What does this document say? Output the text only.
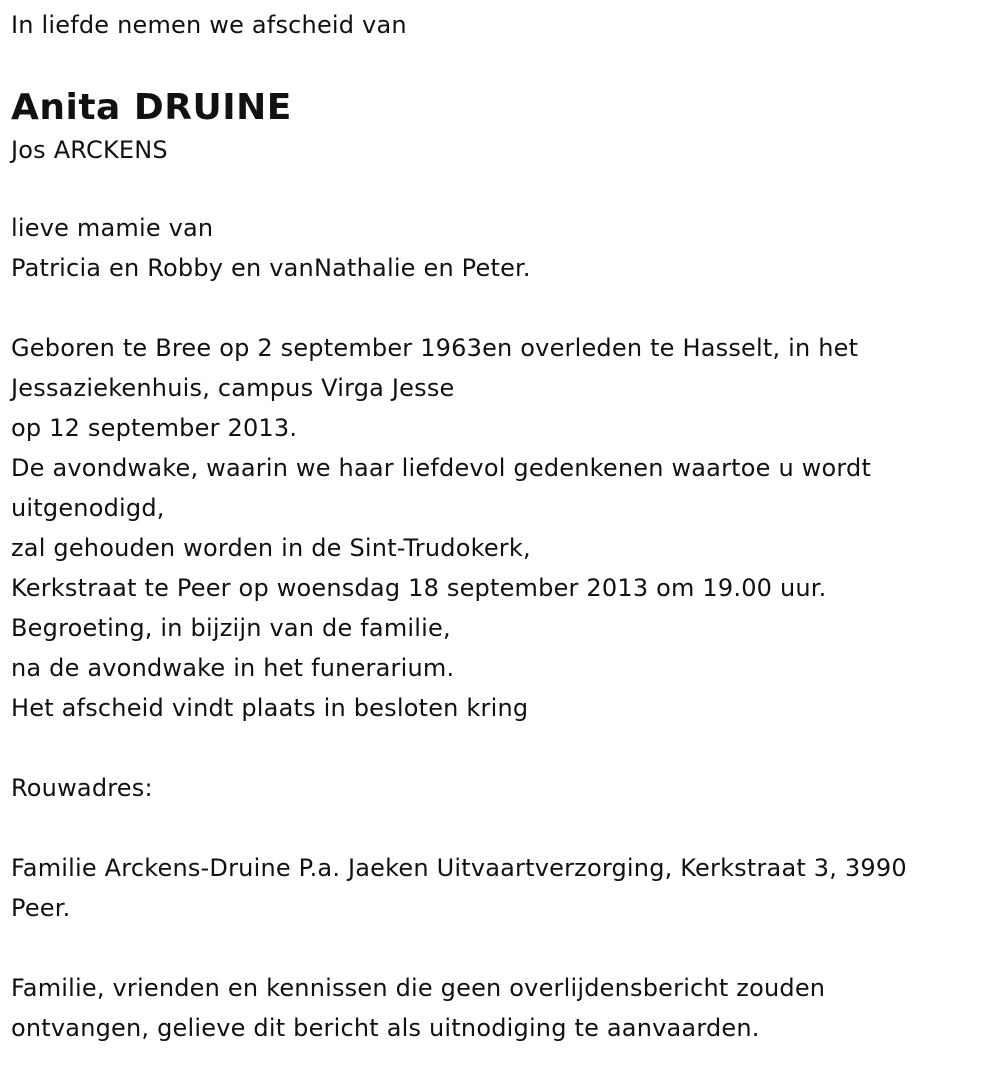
In liefde nemen we afscheid van
Anita DRUINE
Jos ARCKENS
lieve mamie van
Patricia en Robby en vanNathalie en Peter.
Geboren te Bree op 2 september 1963en overleden te Hasselt, in het
Jessaziekenhuis, campus Virga Jesse
op 12 september 2013.
De avondwake, waarin we haar liefdevol gedenkenen waartoe u wordt
uitgenodigd,
zal gehouden worden in de Sint-Trudokerk,
Kerkstraat te Peer op woensdag 18 september 2013 om 19.00 uur.
Begroeting, in bijzijn van de familie,
na de avondwake in het funerarium.
Het afscheid vindt plaats in besloten kring
Rouwadres:
Familie Arckens-Druine P.a. Jaeken Uitvaartverzorging, Kerkstraat 3, 3990
Peer.
Familie, vrienden en kennissen die geen overlijdensbericht zouden
ontvangen, gelieve dit bericht als uitnodiging te aanvaarden.
